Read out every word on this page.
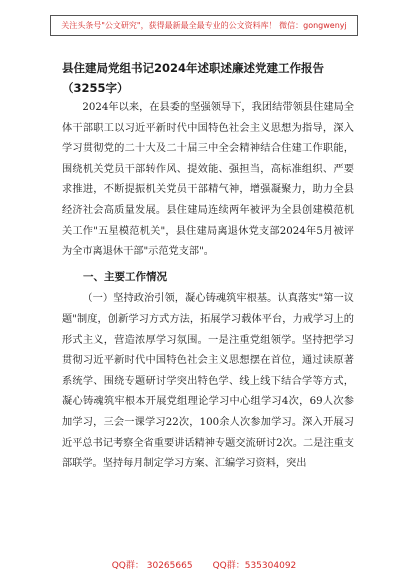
关注头条号"公文研究"，获得最新最全最专业的公文资料库！ 微信：gongwenyj
县住建局党组书记2024年述职述廉述党建工作报告（3255字）

2024年以来，在县委的坚强领导下，我团结带领县住建局全体干部职工以习近平新时代中国特色社会主义思想为指导，深入学习贯彻党的二十大及二十届三中全会精神结合住建工作职能，围绕机关党员干部转作风、提效能、强担当，高标准组织、严要求推进，不断提振机关党员干部精气神，增强凝聚力，助力全县经济社会高质量发展。县住建局连续两年被评为全县创建模范机关工作"五星模范机关"，县住建局离退休党支部2024年5月被评为全市离退休干部"示范党支部"。

一、主要工作情况

（一）坚持政治引领，凝心铸魂筑牢根基。认真落实"第一议题"制度，创新学习方式方法，拓展学习载体平台，力戒学习上的形式主义，营造浓厚学习氛围。一是注重党组领学。坚持把学习贯彻习近平新时代中国特色社会主义思想摆在首位，通过读原著系统学、围绕专题研讨学突出特色学、线上线下结合学等方式，凝心铸魂筑牢根本开展党组理论学习中心组学习4次，69人次参加学习，三会一课学习22次，100余人次参加学习。深入开展习近平总书记考察全省重要讲话精神专题交流研讨2次。二是注重支部联学。坚持每月制定学习方案、汇编学习资料，突出

QQ群： 30265665 QQ群：535304092
